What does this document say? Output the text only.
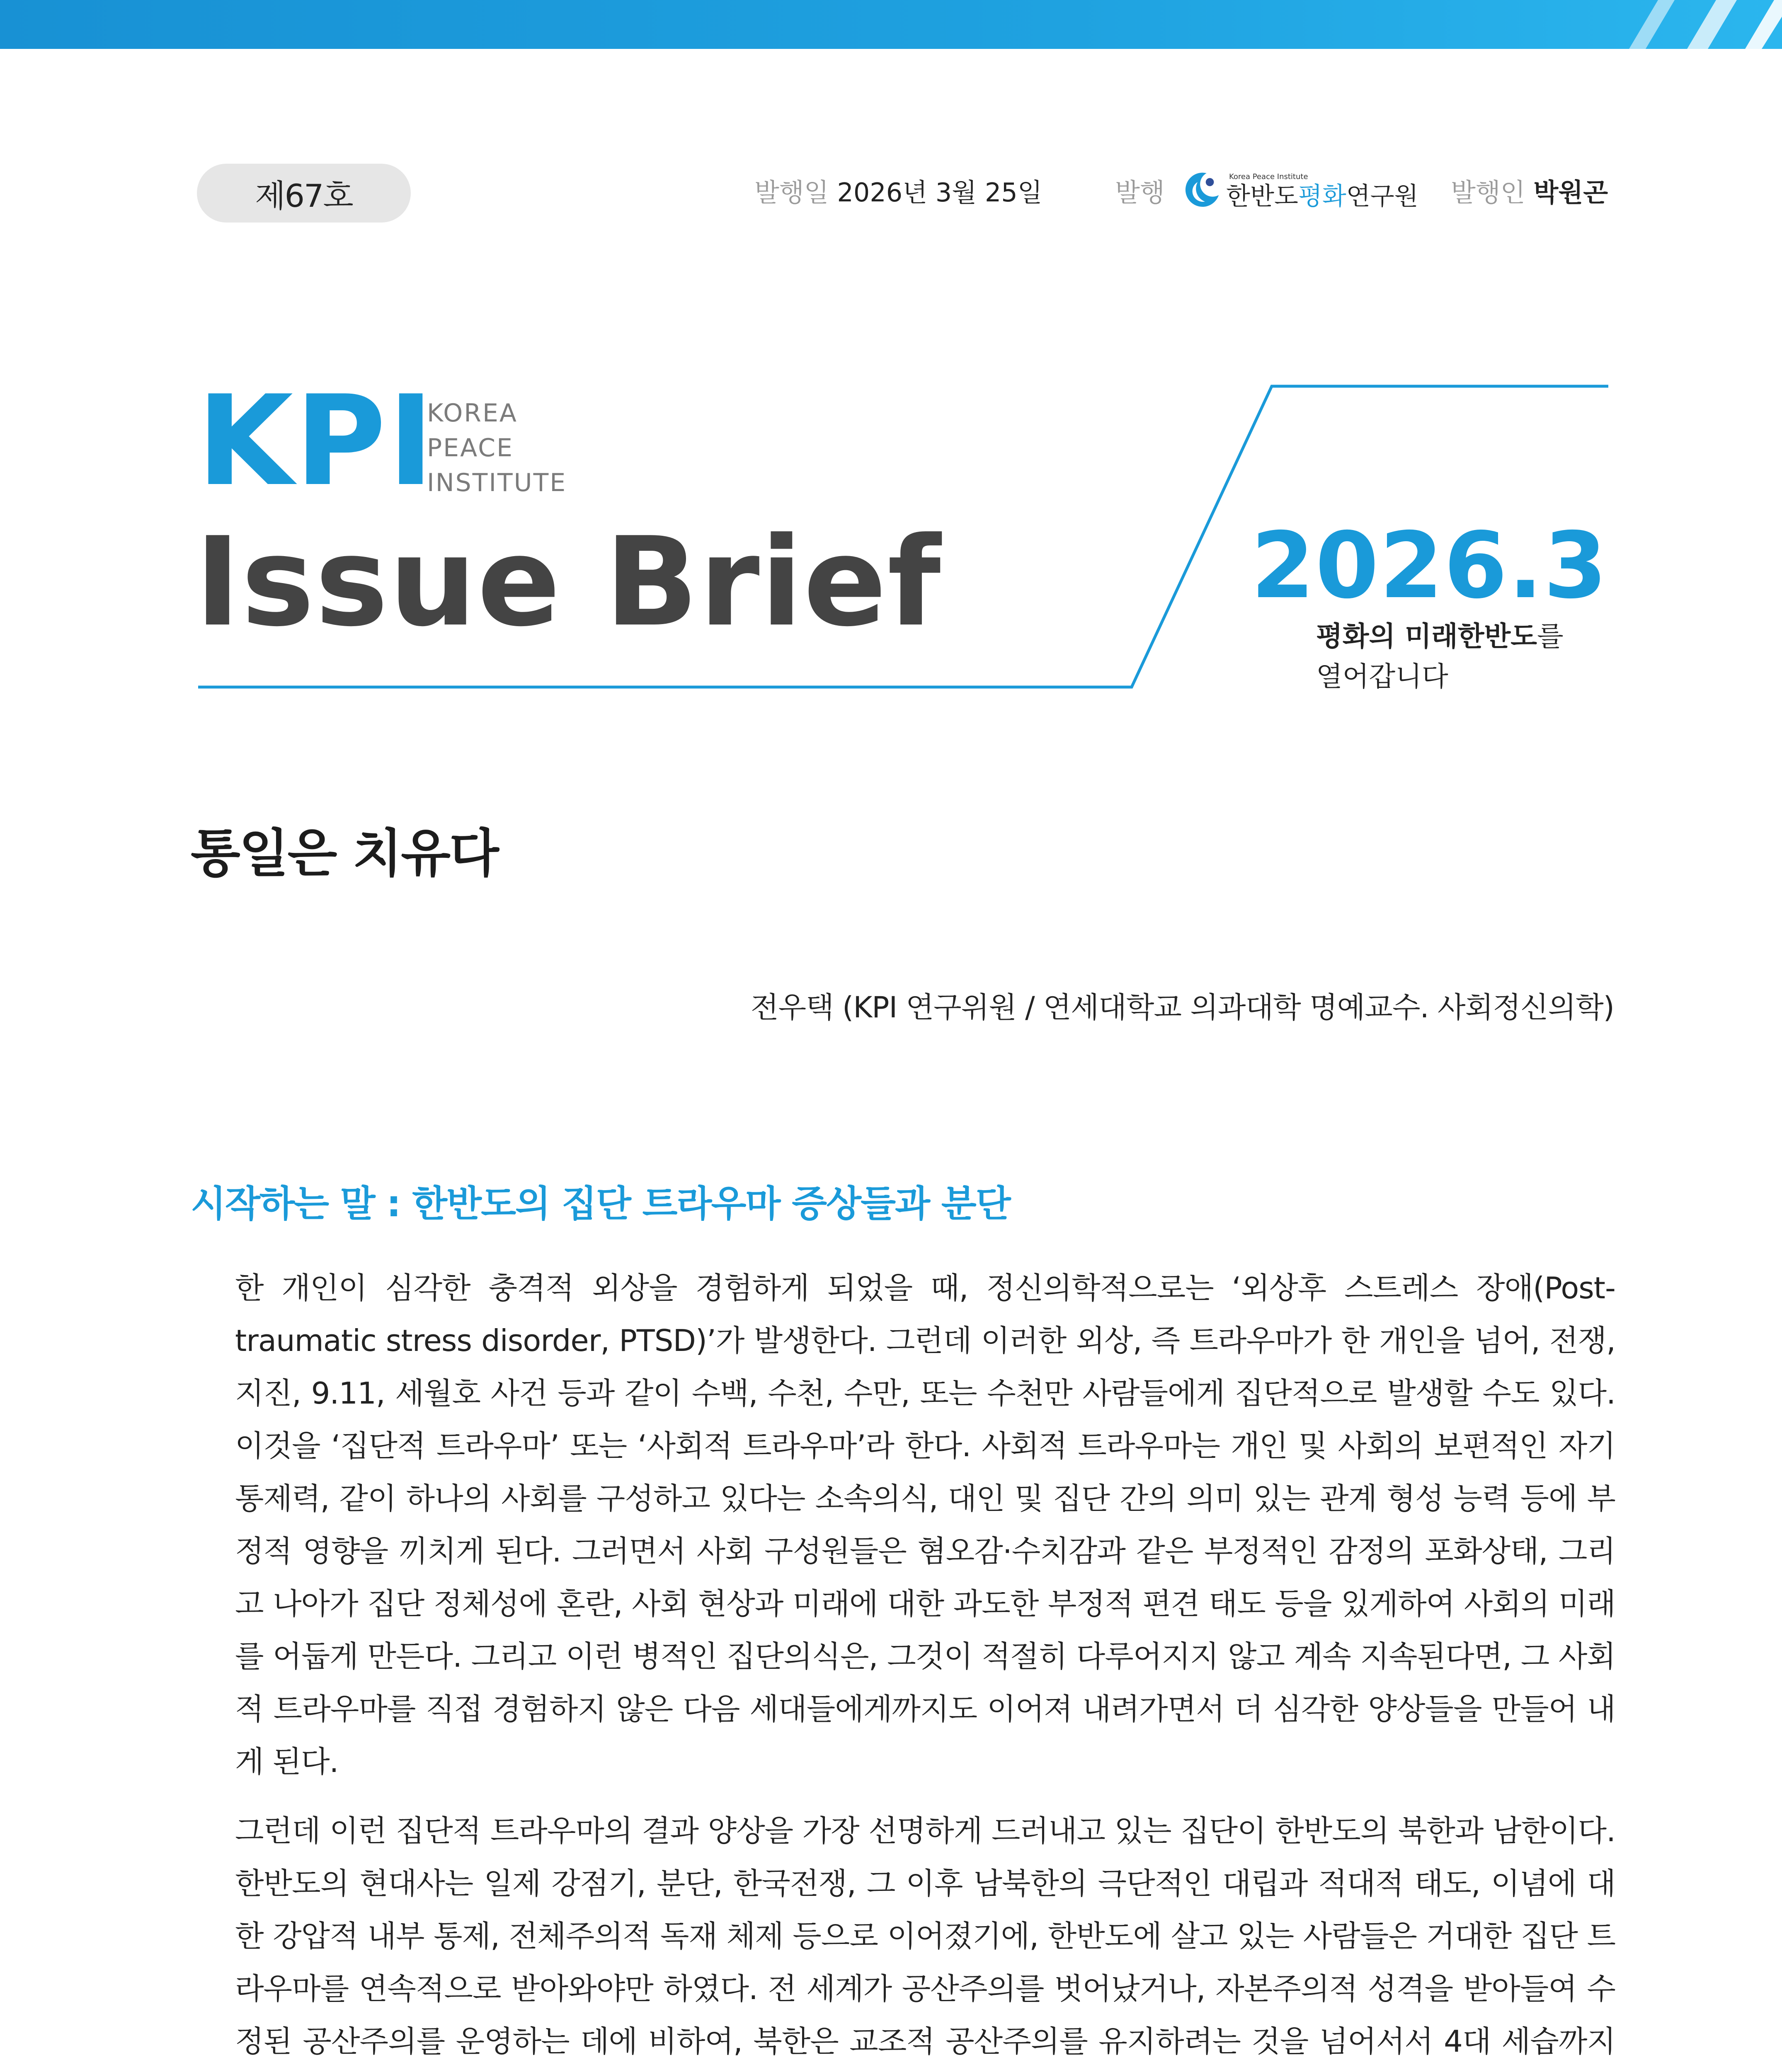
제67호	발행일 2026년 3월 25일	발행
Korea Peace Institute
한반도평화연구원 발행인 박원곤
KPI
KOREA
PEACE
INSTITUTE
Issue Brief	2026.3
평화의 미래한반도를
열어갑니다
통일은 치유다
전우택 (KPI 연구위원 / 연세대학교 의과대학 명예교수. 사회정신의학)
시작하는 말 : 한반도의 집단 트라우마 증상들과 분단

한 개인이 심각한 충격적 외상을 경험하게 되었을 때, 정신의학적으로는 ‘외상후 스트레스 장애(Post-traumatic stress disorder, PTSD)’가 발생한다. 그런데 이러한 외상, 즉 트라우마가 한 개인을 넘어, 전쟁, 지진, 9.11, 세월호 사건 등과 같이 수백, 수천, 수만, 또는 수천만 사람들에게 집단적으로 발생할 수도 있다. 이것을 ‘집단적 트라우마’ 또는 ‘사회적 트라우마’라 한다. 사회적 트라우마는 개인 및 사회의 보편적인 자기 통제력, 같이 하나의 사회를 구성하고 있다는 소속의식, 대인 및 집단 간의 의미 있는 관계 형성 능력 등에 부정적 영향을 끼치게 된다. 그러면서 사회 구성원들은 혐오감·수치감과 같은 부정적인 감정의 포화상태, 그리고 나아가 집단 정체성에 혼란, 사회 현상과 미래에 대한 과도한 부정적 편견 태도 등을 있게하여 사회의 미래를 어둡게 만든다. 그리고 이런 병적인 집단의식은, 그것이 적절히 다루어지지 않고 계속 지속된다면, 그 사회적 트라우마를 직접 경험하지 않은 다음 세대들에게까지도 이어져 내려가면서 더 심각한 양상들을 만들어 내게 된다.

그런데 이런 집단적 트라우마의 결과 양상을 가장 선명하게 드러내고 있는 집단이 한반도의 북한과 남한이다. 한반도의 현대사는 일제 강점기, 분단, 한국전쟁, 그 이후 남북한의 극단적인 대립과 적대적 태도, 이념에 대한 강압적 내부 통제, 전체주의적 독재 체제 등으로 이어졌기에, 한반도에 살고 있는 사람들은 거대한 집단 트라우마를 연속적으로 받아와야만 하였다. 전 세계가 공산주의를 벗어났거나, 자본주의적 성격을 받아들여 수정된 공산주의를 운영하는 데에 비하여, 북한은 교조적 공산주의를 유지하려는 것을 넘어서서 4대 세습까지
